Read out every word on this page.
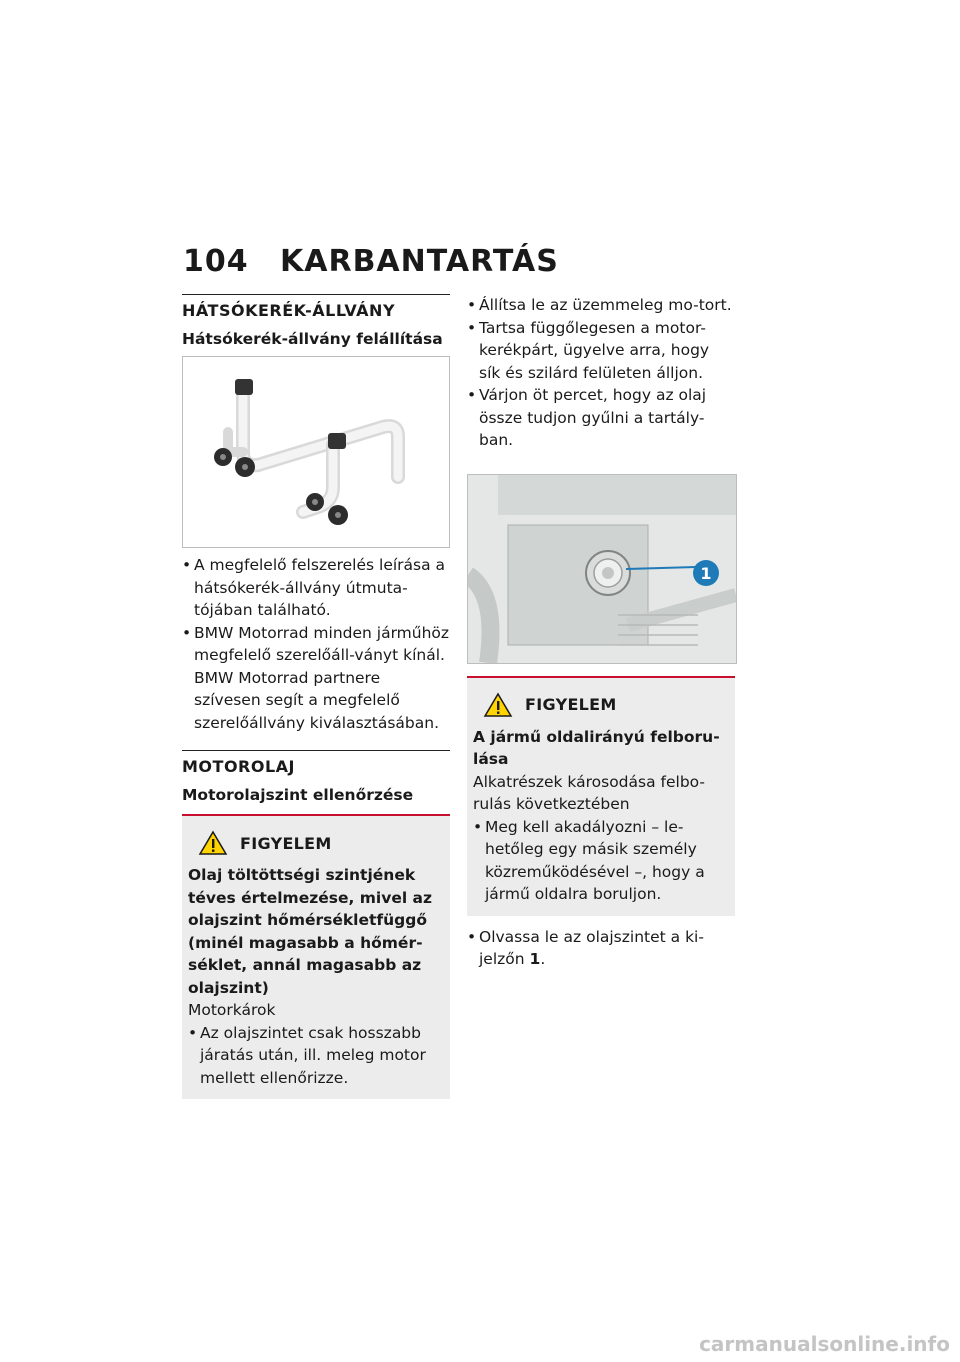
104 KARBANTARTÁS
HÁTSÓKERÉK-ÁLLVÁNY
Hátsókerék-állvány felállítása
• A megfelelő felszerelés leírása a hátsókerék-állvány útmuta-tójában található.
• BMW Motorrad minden járműhöz megfelelő szerelőáll-ványt kínál. BMW Motorrad partnere szívesen segít a megfelelő szerelőállvány kiválasztásában.
MOTOROLAJ
Motorolajszint ellenőrzése
FIGYELEM
Olaj töltöttségi szintjének téves értelmezése, mivel az olajszint hőmérsékletfüggő (minél magasabb a hőmér-séklet, annál magasabb az olajszint)
Motorkárok
• Az olajszintet csak hosszabb járatás után, ill. meleg motor mellett ellenőrizze.
• Állítsa le az üzemmeleg mo-tort.
• Tartsa függőlegesen a motor-kerékpárt, ügyelve arra, hogy sík és szilárd felületen álljon.
• Várjon öt percet, hogy az olaj össze tudjon gyűlni a tartály-ban.
1
FIGYELEM
A jármű oldalirányú felboru-lása
Alkatrészek károsodása felbo-rulás következtében
• Meg kell akadályozni – le-hetőleg egy másik személy közreműködésével –, hogy a jármű oldalra boruljon.
• Olvassa le az olajszintet a ki-jelzőn 1.
carmanualsonline.info
